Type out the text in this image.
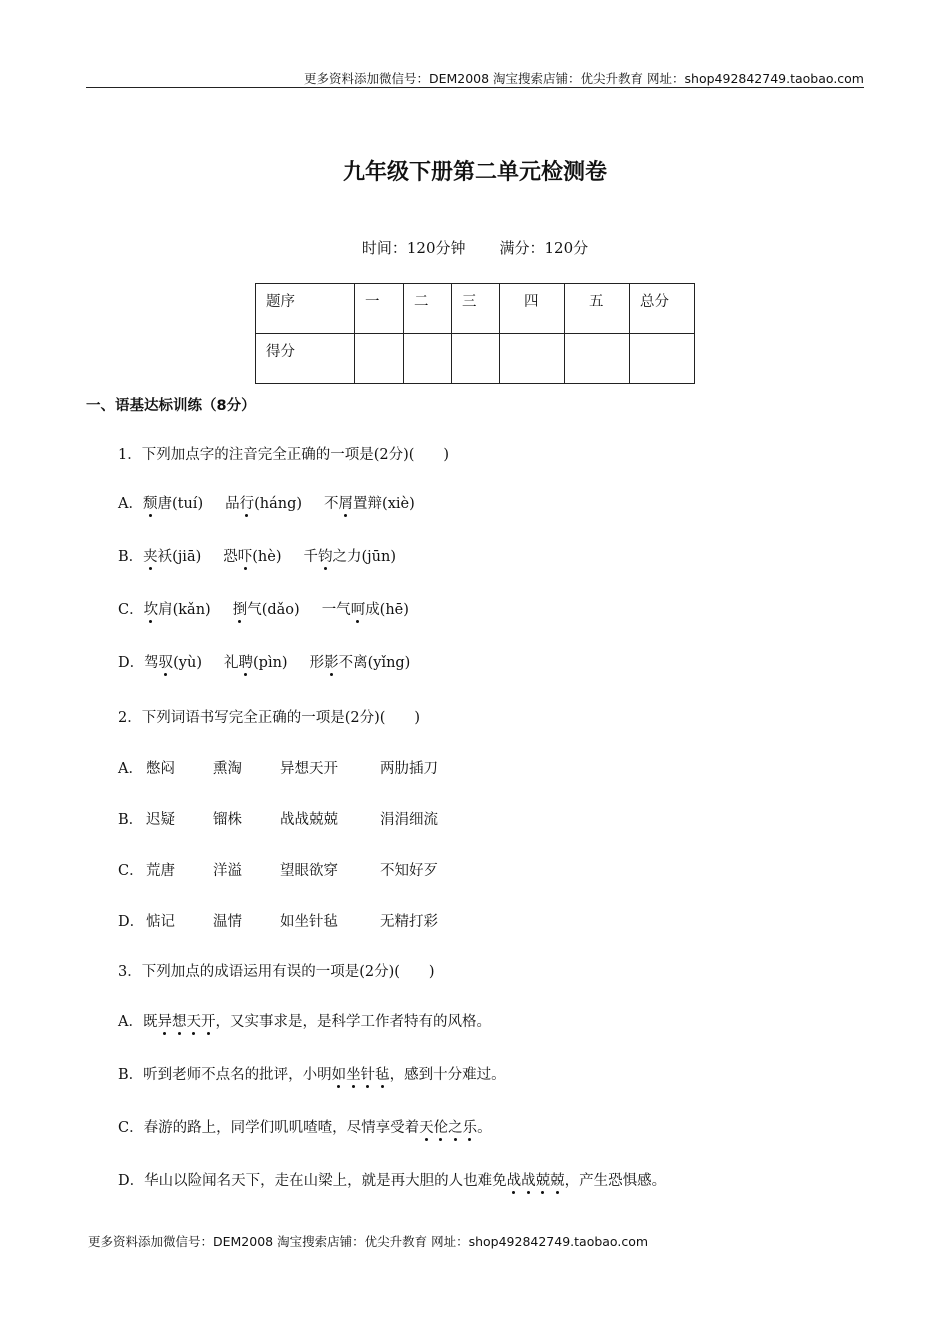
更多资料添加微信号：DEM2008 淘宝搜索店铺：优尖升教育 网址：shop492842749.taobao.com
九年级下册第二单元检测卷
时间：120分钟 满分：120分
题序	一	二	三	四	五	总分
得分						
一、语基达标训练（8分）
1．下列加点字的注音完全正确的一项是(2分)(　　)
A．颓唐(tuí) 品行(háng) 不屑置辩(xiè)
B．夹袄(jiā) 恐吓(hè) 千钧之力(jūn)
C．坎肩(kǎn) 捯气(dǎo) 一气呵成(hē)
D．驾驭(yù) 礼聘(pìn) 形影不离(yǐng)
2．下列词语书写完全正确的一项是(2分)(　　)
A． 憋闷	熏淘	异想天开	两肋插刀
B． 迟疑	镏株	战战兢兢	涓涓细流
C． 荒唐	洋溢	望眼欲穿	不知好歹
D． 惦记	温情	如坐针毡	无精打彩
3．下列加点的成语运用有误的一项是(2分)(　　)
A．既异想天开，又实事求是，是科学工作者特有的风格。
B．听到老师不点名的批评，小明如坐针毡，感到十分难过。
C．春游的路上，同学们叽叽喳喳，尽情享受着天伦之乐。
D．华山以险闻名天下，走在山梁上，就是再大胆的人也难免战战兢兢，产生恐惧感。
更多资料添加微信号：DEM2008 淘宝搜索店铺：优尖升教育 网址：shop492842749.taobao.com
